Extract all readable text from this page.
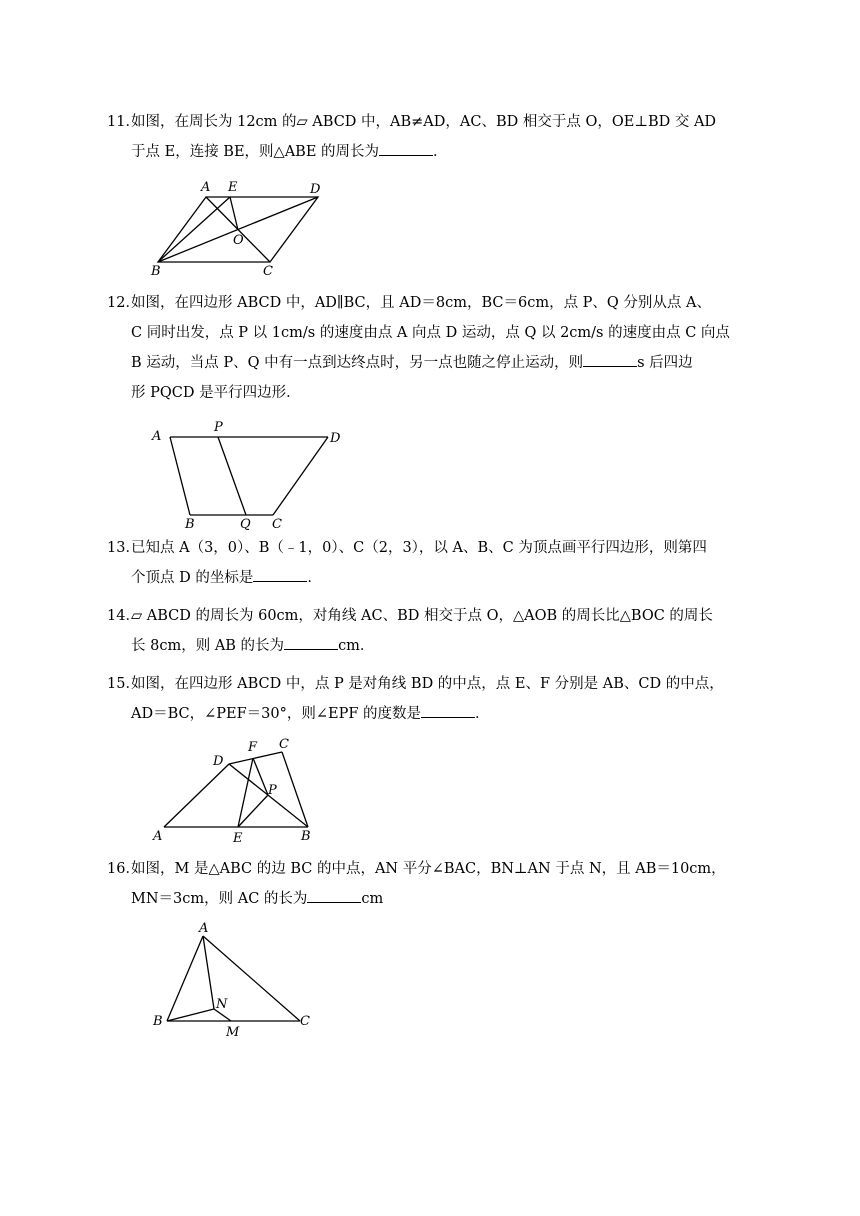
11．如图，在周长为 12cm 的▱ ABCD 中，AB≠AD，AC、BD 相交于点 O，OE⊥BD 交 AD

于点 E，连接 BE，则△ABE 的周长为	．

A E	D
O
B	C

12．如图，在四边形 ABCD 中，AD∥BC，且 AD＝8cm，BC＝6cm，点 P、Q 分别从点 A、

C 同时出发，点 P 以 1cm/s 的速度由点 A 向点 D 运动，点 Q 以 2cm/s 的速度由点 C 向点

B 运动，当点 P、Q 中有一点到达终点时，另一点也随之停止运动，则	s 后四边

形 PQCD 是平行四边形．

A
P
D
B	Q C

13．已知点 A（3，0）、B（﹣1，0）、C（2，3），以 A、B、C 为顶点画平行四边形，则第四

个顶点 D 的坐标是	．

14．▱ ABCD 的周长为 60cm，对角线 AC、BD 相交于点 O，△AOB 的周长比△BOC 的周长

长 8cm，则 AB 的长为	cm．

15．如图，在四边形 ABCD 中，点 P 是对角线 BD 的中点，点 E、F 分别是 AB、CD 的中点，

AD＝BC，∠PEF＝30°，则∠EPF 的度数是	．

F C
D
P
A	E	B

16．如图，M 是△ABC 的边 BC 的中点，AN 平分∠BAC，BN⊥AN 于点 N，且 AB＝10cm，

MN＝3cm，则 AC 的长为	cm

A
N
B
M
C
